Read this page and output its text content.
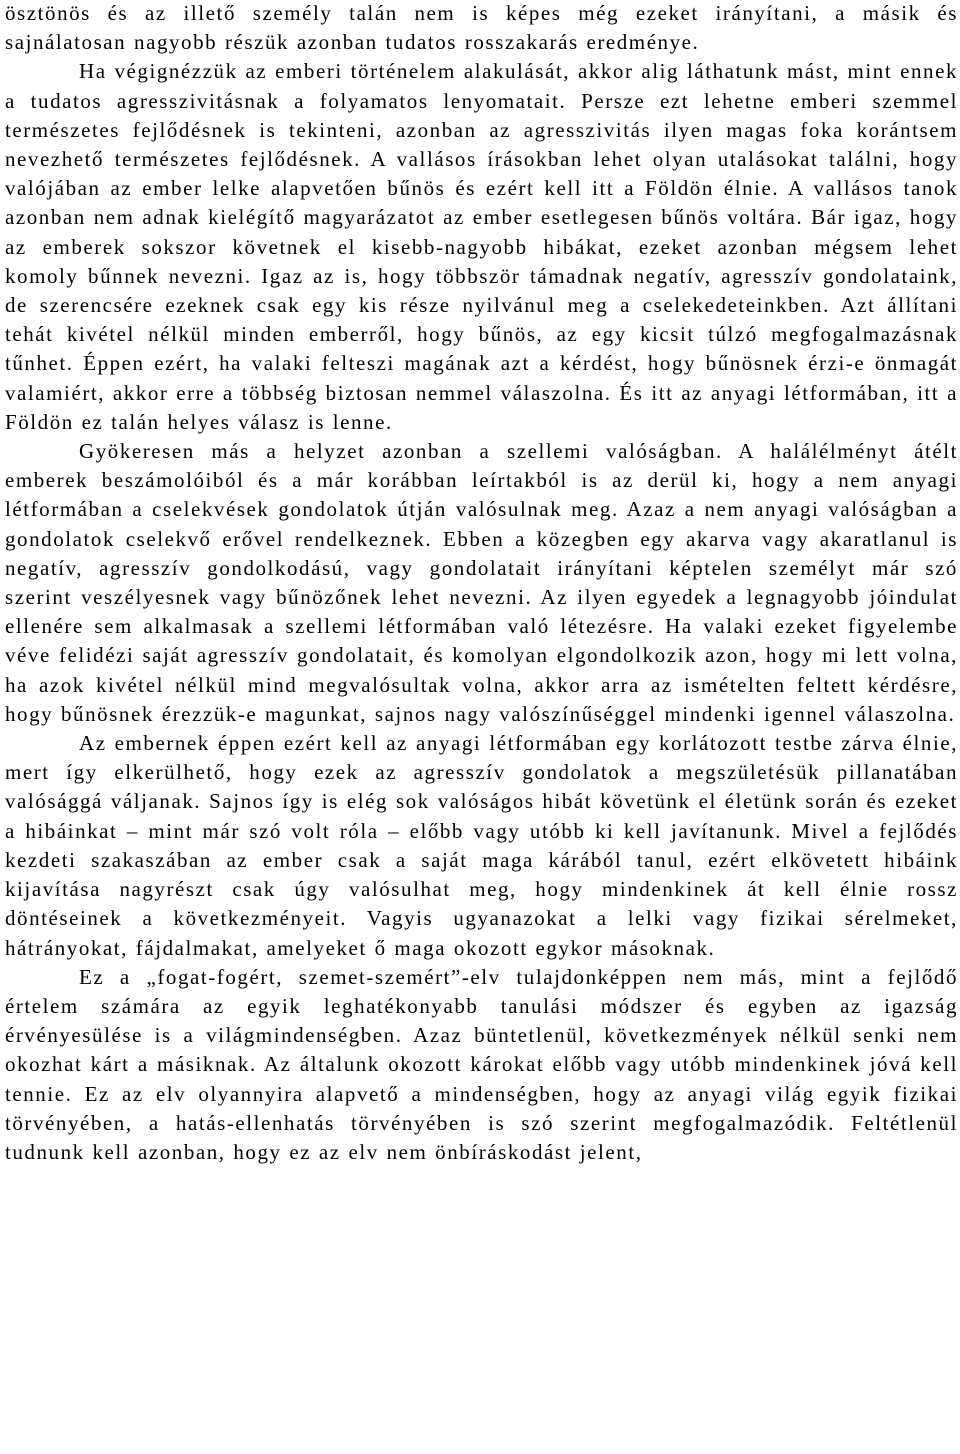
ösztönös és az illető személy talán nem is képes még ezeket irányítani, a másik és sajnálatosan nagyobb részük azonban tudatos rosszakarás eredménye.

Ha végignézzük az emberi történelem alakulását, akkor alig láthatunk mást, mint ennek a tudatos agresszivitásnak a folyamatos lenyomatait. Persze ezt lehetne emberi szemmel természetes fejlődésnek is tekinteni, azonban az agresszivitás ilyen magas foka korántsem nevezhető természetes fejlődésnek. A vallásos írásokban lehet olyan utalásokat találni, hogy valójában az ember lelke alapvetően bűnös és ezért kell itt a Földön élnie. A vallásos tanok azonban nem adnak kielégítő magyarázatot az ember esetlegesen bűnös voltára. Bár igaz, hogy az emberek sokszor követnek el kisebb-nagyobb hibákat, ezeket azonban mégsem lehet komoly bűnnek nevezni. Igaz az is, hogy többször támadnak negatív, agresszív gondolataink, de szerencsére ezeknek csak egy kis része nyilvánul meg a cselekedeteinkben. Azt állítani tehát kivétel nélkül minden emberről, hogy bűnös, az egy kicsit túlzó megfogalmazásnak tűnhet. Éppen ezért, ha valaki felteszi magának azt a kérdést, hogy bűnösnek érzi-e önmagát valamiért, akkor erre a többség biztosan nemmel válaszolna. És itt az anyagi létformában, itt a Földön ez talán helyes válasz is lenne.

Gyökeresen más a helyzet azonban a szellemi valóságban. A halálélményt átélt emberek beszámolóiból és a már korábban leírtakból is az derül ki, hogy a nem anyagi létformában a cselekvések gondolatok útján valósulnak meg. Azaz a nem anyagi valóságban a gondolatok cselekvő erővel rendelkeznek. Ebben a közegben egy akarva vagy akaratlanul is negatív, agresszív gondolkodású, vagy gondolatait irányítani képtelen személyt már szó szerint veszélyesnek vagy bűnözőnek lehet nevezni. Az ilyen egyedek a legnagyobb jóindulat ellenére sem alkalmasak a szellemi létformában való létezésre. Ha valaki ezeket figyelembe véve felidézi saját agresszív gondolatait, és komolyan elgondolkozik azon, hogy mi lett volna, ha azok kivétel nélkül mind megvalósultak volna, akkor arra az ismételten feltett kérdésre, hogy bűnösnek érezzük-e magunkat, sajnos nagy valószínűséggel mindenki igennel válaszolna.

Az embernek éppen ezért kell az anyagi létformában egy korlátozott testbe zárva élnie, mert így elkerülhető, hogy ezek az agresszív gondolatok a megszületésük pillanatában valósággá váljanak. Sajnos így is elég sok valóságos hibát követünk el életünk során és ezeket a hibáinkat – mint már szó volt róla – előbb vagy utóbb ki kell javítanunk. Mivel a fejlődés kezdeti szakaszában az ember csak a saját maga kárából tanul, ezért elkövetett hibáink kijavítása nagyrészt csak úgy valósulhat meg, hogy mindenkinek át kell élnie rossz döntéseinek a következményeit. Vagyis ugyanazokat a lelki vagy fizikai sérelmeket, hátrányokat, fájdalmakat, amelyeket ő maga okozott egykor másoknak.

Ez a „fogat-fogért, szemet-szemért”-elv tulajdonképpen nem más, mint a fejlődő értelem számára az egyik leghatékonyabb tanulási módszer és egyben az igazság érvényesülése is a világmindenségben. Azaz büntetlenül, következmények nélkül senki nem okozhat kárt a másiknak. Az általunk okozott károkat előbb vagy utóbb mindenkinek jóvá kell tennie. Ez az elv olyannyira alapvető a mindenségben, hogy az anyagi világ egyik fizikai törvényében, a hatás-ellenhatás törvényében is szó szerint megfogalmazódik. Feltétlenül tudnunk kell azonban, hogy ez az elv nem önbíráskodást jelent,
